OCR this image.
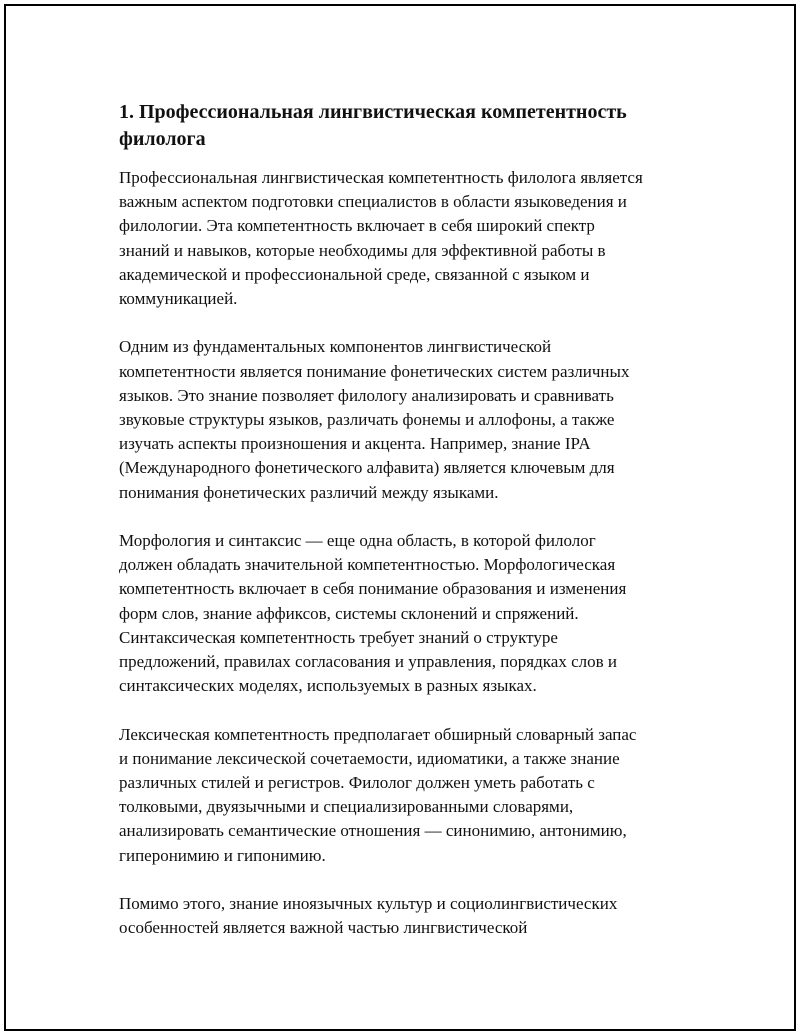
1. Профессиональная лингвистическая компетентность
филолога

Профессиональная лингвистическая компетентность филолога является
важным аспектом подготовки специалистов в области языковедения и
филологии. Эта компетентность включает в себя широкий спектр
знаний и навыков, которые необходимы для эффективной работы в
академической и профессиональной среде, связанной с языком и
коммуникацией.

Одним из фундаментальных компонентов лингвистической
компетентности является понимание фонетических систем различных
языков. Это знание позволяет филологу анализировать и сравнивать
звуковые структуры языков, различать фонемы и аллофоны, а также
изучать аспекты произношения и акцента. Например, знание IPA
(Международного фонетического алфавита) является ключевым для
понимания фонетических различий между языками.

Морфология и синтаксис — еще одна область, в которой филолог
должен обладать значительной компетентностью. Морфологическая
компетентность включает в себя понимание образования и изменения
форм слов, знание аффиксов, системы склонений и спряжений.
Синтаксическая компетентность требует знаний о структуре
предложений, правилах согласования и управления, порядках слов и
синтаксических моделях, используемых в разных языках.

Лексическая компетентность предполагает обширный словарный запас
и понимание лексической сочетаемости, идиоматики, а также знание
различных стилей и регистров. Филолог должен уметь работать с
толковыми, двуязычными и специализированными словарями,
анализировать семантические отношения — синонимию, антонимию,
гиперонимию и гипонимию.

Помимо этого, знание иноязычных культур и социолингвистических
особенностей является важной частью лингвистической
